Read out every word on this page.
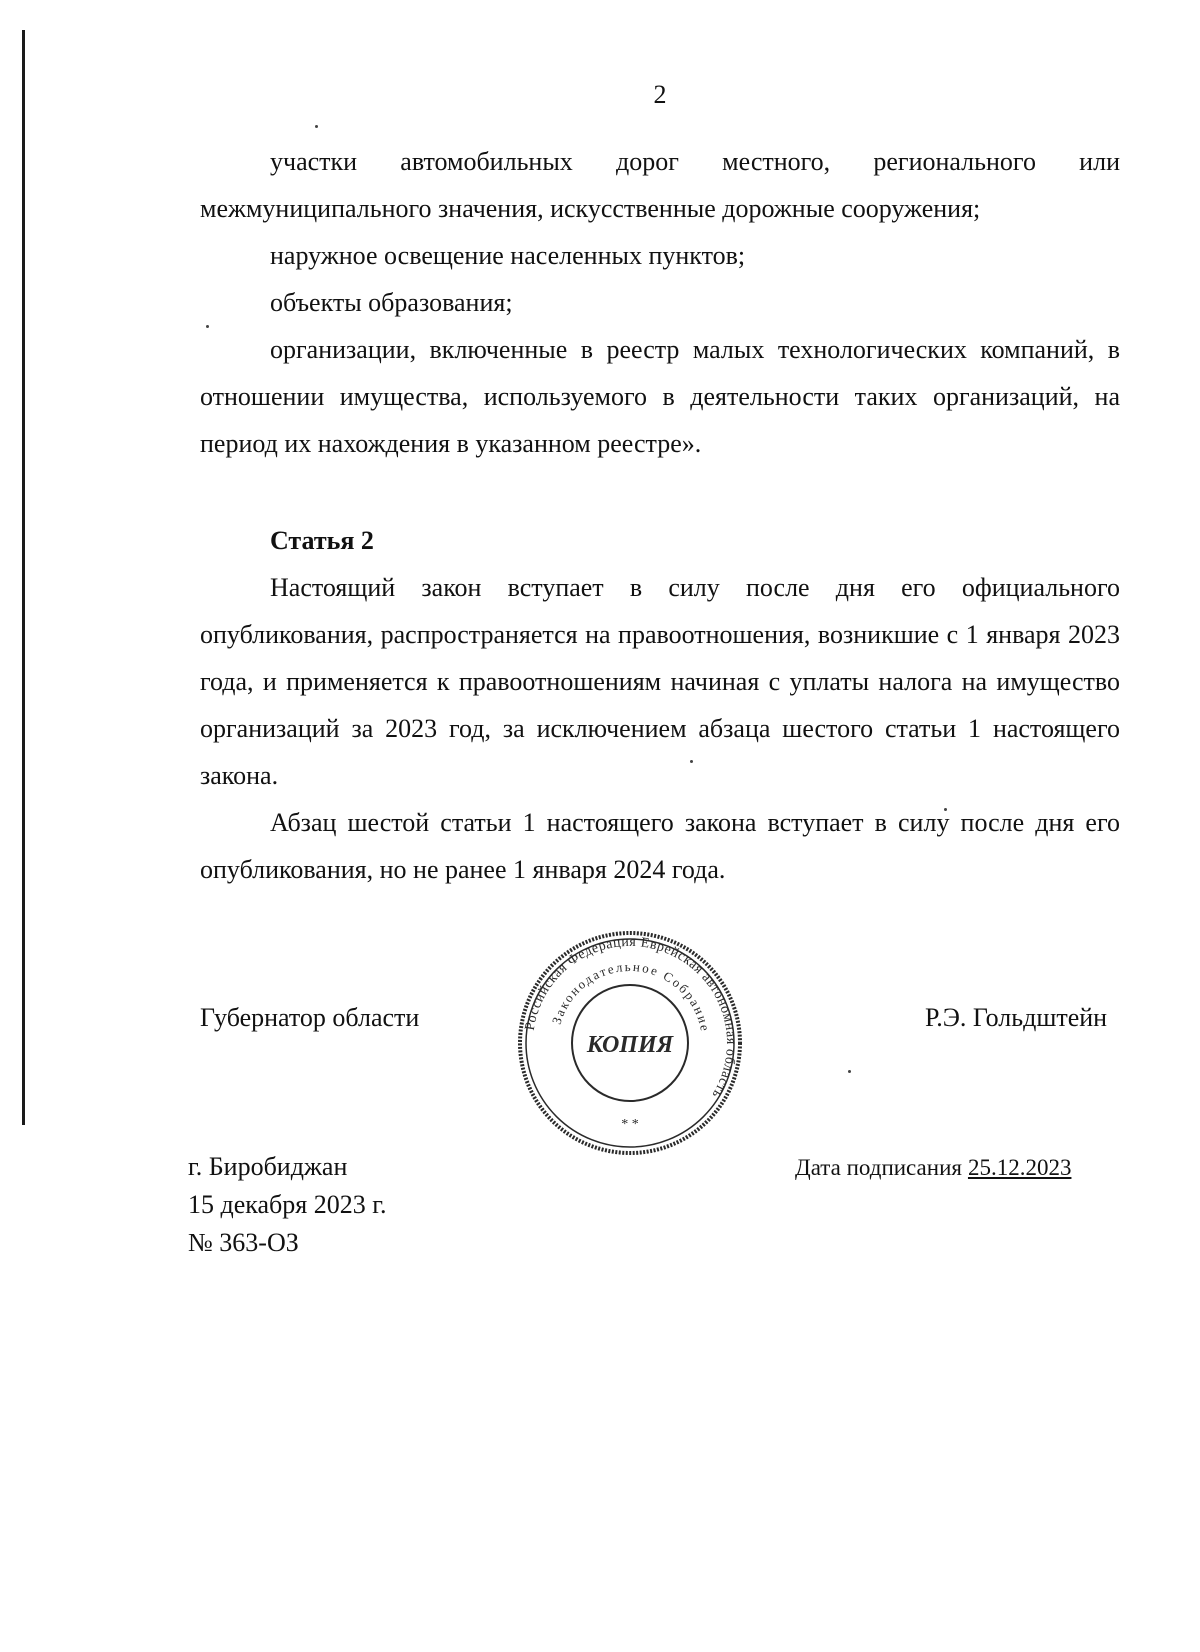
2

участки автомобильных дорог местного, регионального или межмуниципального значения, искусственные дорожные сооружения;

наружное освещение населенных пунктов;

объекты образования;

организации, включенные в реестр малых технологических компаний, в отношении имущества, используемого в деятельности таких организаций, на период их нахождения в указанном реестре».

Статья 2

Настоящий закон вступает в силу после дня его официального опубликования, распространяется на правоотношения, возникшие с 1 января 2023 года, и применяется к правоотношениям начиная с уплаты налога на имущество организаций за 2023 год, за исключением абзаца шестого статьи 1 настоящего закона.

Абзац шестой статьи 1 настоящего закона вступает в силу после дня его опубликования, но не ранее 1 января 2024 года.

Губернатор области	Р.Э. Гольдштейн
Российская Федерация Еврейская автономная область
Законодательное Собрание
КОПИЯ
* *
г. Биробиджан
15 декабря 2023 г.
№ 363-ОЗ
Дата подписания 25.12.2023
